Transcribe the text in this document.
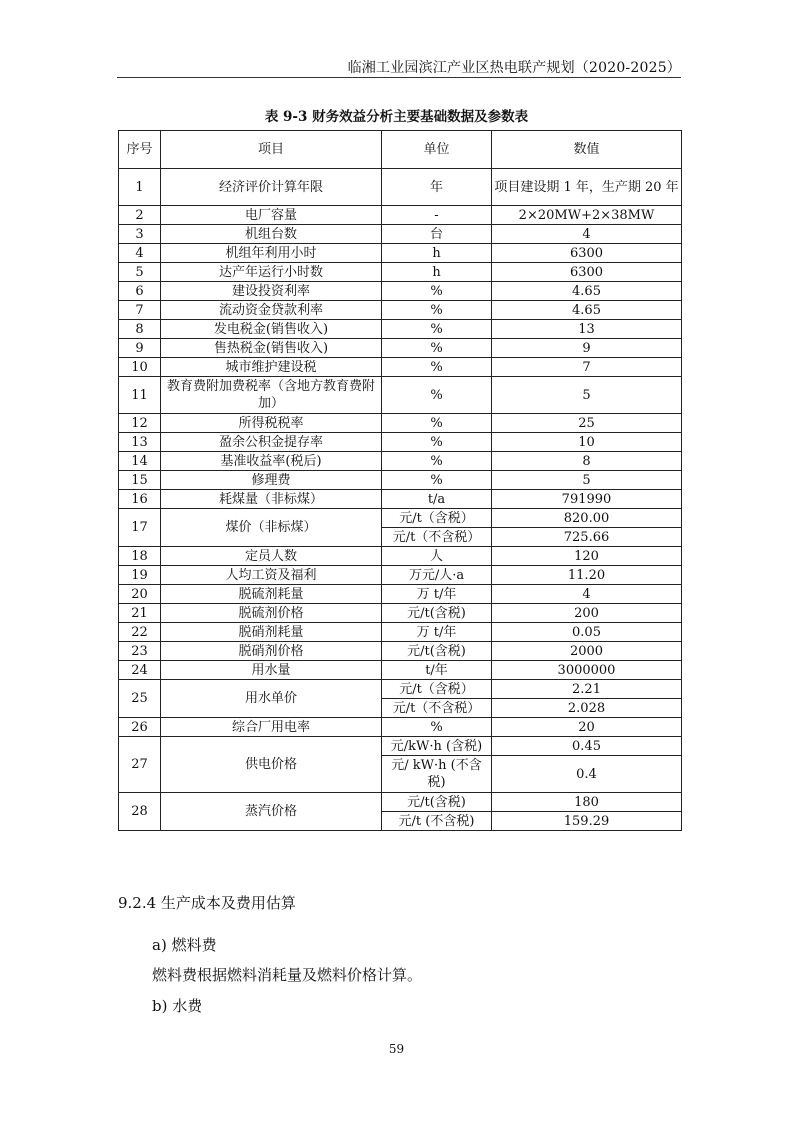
临湘工业园滨江产业区热电联产规划（2020-2025）
表 9-3 财务效益分析主要基础数据及参数表
序号	项目	单位	数值
1	经济评价计算年限	年	项目建设期 1 年，生产期 20 年
2	电厂容量	-	2×20MW+2×38MW
3	机组台数	台	4
4	机组年利用小时	h	6300
5	达产年运行小时数	h	6300
6	建设投资利率	%	4.65
7	流动资金贷款利率	%	4.65
8	发电税金(销售收入)	%	13
9	售热税金(销售收入)	%	9
10	城市维护建设税	%	7
11	教育费附加费税率（含地方教育费附加）	%	5
12	所得税税率	%	25
13	盈余公积金提存率	%	10
14	基准收益率(税后)	%	8
15	修理费	%	5
16	耗煤量（非标煤）	t/a	791990
17	煤价（非标煤）	元/t（含税）	820.00
		元/t（不含税）	725.66
18	定员人数	人	120
19	人均工资及福利	万元/人·a	11.20
20	脱硫剂耗量	万 t/年	4
21	脱硫剂价格	元/t(含税)	200
22	脱硝剂耗量	万 t/年	0.05
23	脱硝剂价格	元/t(含税)	2000
24	用水量	t/年	3000000
25	用水单价	元/t（含税）	2.21
		元/t（不含税）	2.028
26	综合厂用电率	%	20
27	供电价格	元/kW·h (含税)	0.45
		元/ kW·h (不含税)	0.4
28	蒸汽价格	元/t(含税)	180
		元/t (不含税)	159.29
9.2.4 生产成本及费用估算
a) 燃料费
燃料费根据燃料消耗量及燃料价格计算。
b) 水费
59
